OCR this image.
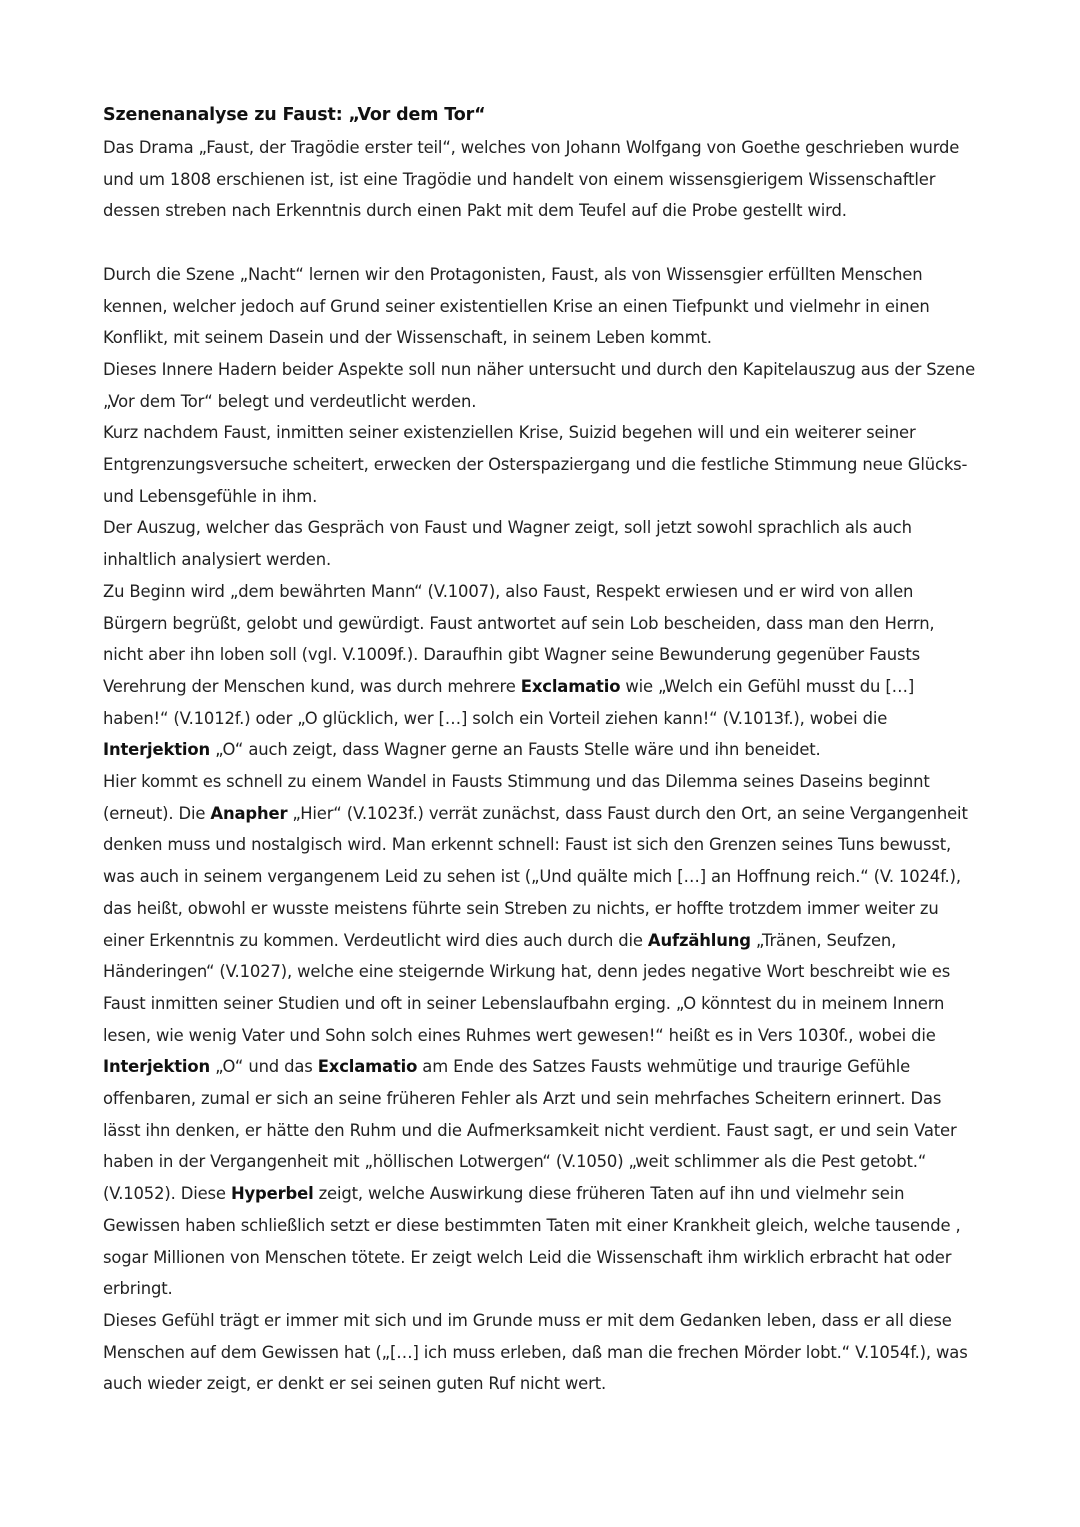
Szenenanalyse zu Faust: „Vor dem Tor“

Das Drama „Faust, der Tragödie erster teil“, welches von Johann Wolfgang von Goethe geschrieben wurde und um 1808 erschienen ist, ist eine Tragödie und handelt von einem wissensgierigem Wissenschaftler dessen streben nach Erkenntnis durch einen Pakt mit dem Teufel auf die Probe gestellt wird.

Durch die Szene „Nacht“ lernen wir den Protagonisten, Faust, als von Wissensgier erfüllten Menschen kennen, welcher jedoch auf Grund seiner existentiellen Krise an einen Tiefpunkt und vielmehr in einen Konflikt, mit seinem Dasein und der Wissenschaft, in seinem Leben kommt.

Dieses Innere Hadern beider Aspekte soll nun näher untersucht und durch den Kapitelauszug aus der Szene „Vor dem Tor“ belegt und verdeutlicht werden.

Kurz nachdem Faust, inmitten seiner existenziellen Krise, Suizid begehen will und ein weiterer seiner Entgrenzungsversuche scheitert, erwecken der Osterspaziergang und die festliche Stimmung neue Glücks- und Lebensgefühle in ihm.

Der Auszug, welcher das Gespräch von Faust und Wagner zeigt, soll jetzt sowohl sprachlich als auch inhaltlich analysiert werden.

Zu Beginn wird „dem bewährten Mann“ (V.1007), also Faust, Respekt erwiesen und er wird von allen Bürgern begrüßt, gelobt und gewürdigt. Faust antwortet auf sein Lob bescheiden, dass man den Herrn, nicht aber ihn loben soll (vgl. V.1009f.). Daraufhin gibt Wagner seine Bewunderung gegenüber Fausts Verehrung der Menschen kund, was durch mehrere Exclamatio wie „Welch ein Gefühl musst du […] haben!“ (V.1012f.) oder „O glücklich, wer […] solch ein Vorteil ziehen kann!“ (V.1013f.), wobei die Interjektion „O“ auch zeigt, dass Wagner gerne an Fausts Stelle wäre und ihn beneidet.

Hier kommt es schnell zu einem Wandel in Fausts Stimmung und das Dilemma seines Daseins beginnt (erneut). Die Anapher „Hier“ (V.1023f.) verrät zunächst, dass Faust durch den Ort, an seine Vergangenheit denken muss und nostalgisch wird. Man erkennt schnell: Faust ist sich den Grenzen seines Tuns bewusst, was auch in seinem vergangenem Leid zu sehen ist („Und quälte mich […] an Hoffnung reich.“ (V. 1024f.), das heißt, obwohl er wusste meistens führte sein Streben zu nichts, er hoffte trotzdem immer weiter zu einer Erkenntnis zu kommen. Verdeutlicht wird dies auch durch die Aufzählung „Tränen, Seufzen, Händeringen“ (V.1027), welche eine steigernde Wirkung hat, denn jedes negative Wort beschreibt wie es Faust inmitten seiner Studien und oft in seiner Lebenslaufbahn erging. „O könntest du in meinem Innern lesen, wie wenig Vater und Sohn solch eines Ruhmes wert gewesen!“ heißt es in Vers 1030f., wobei die Interjektion „O“ und das Exclamatio am Ende des Satzes Fausts wehmütige und traurige Gefühle offenbaren, zumal er sich an seine früheren Fehler als Arzt und sein mehrfaches Scheitern erinnert. Das lässt ihn denken, er hätte den Ruhm und die Aufmerksamkeit nicht verdient. Faust sagt, er und sein Vater haben in der Vergangenheit mit „höllischen Lotwergen“ (V.1050) „weit schlimmer als die Pest getobt.“ (V.1052). Diese Hyperbel zeigt, welche Auswirkung diese früheren Taten auf ihn und vielmehr sein Gewissen haben schließlich setzt er diese bestimmten Taten mit einer Krankheit gleich, welche tausende , sogar Millionen von Menschen tötete. Er zeigt welch Leid die Wissenschaft ihm wirklich erbracht hat oder erbringt.

Dieses Gefühl trägt er immer mit sich und im Grunde muss er mit dem Gedanken leben, dass er all diese Menschen auf dem Gewissen hat („[…] ich muss erleben, daß man die frechen Mörder lobt.“ V.1054f.), was auch wieder zeigt, er denkt er sei seinen guten Ruf nicht wert.
